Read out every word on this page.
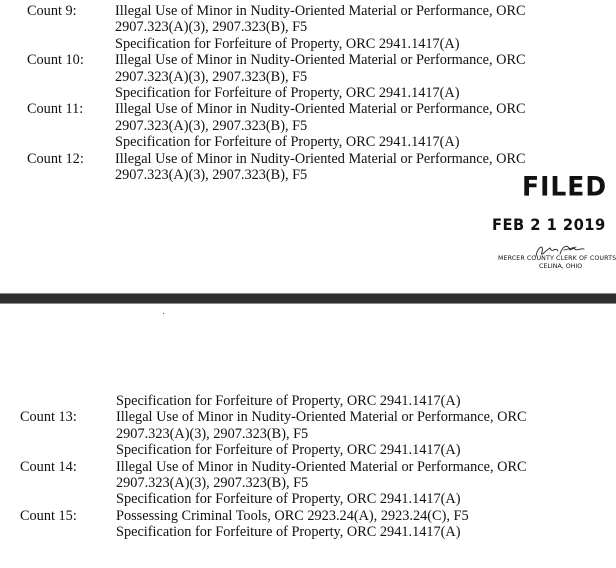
Count 9:	Illegal Use of Minor in Nudity-Oriented Material or Performance, ORC
2907.323(A)(3), 2907.323(B), F5
Specification for Forfeiture of Property, ORC 2941.1417(A)
Count 10: Illegal Use of Minor in Nudity-Oriented Material or Performance, ORC
2907.323(A)(3), 2907.323(B), F5
Specification for Forfeiture of Property, ORC 2941.1417(A)
Count 11: Illegal Use of Minor in Nudity-Oriented Material or Performance, ORC
2907.323(A)(3), 2907.323(B), F5
Specification for Forfeiture of Property, ORC 2941.1417(A)
Count 12: Illegal Use of Minor in Nudity-Oriented Material or Performance, ORC
2907.323(A)(3), 2907.323(B), F5	FILED
FEB 2 1 2019
MERCER COUNTY CLERK OF COURTS
CELINA, OHIO
Specification for Forfeiture of Property, ORC 2941.1417(A)
Count 13:	Illegal Use of Minor in Nudity-Oriented Material or Performance, ORC
2907.323(A)(3), 2907.323(B), F5
Specification for Forfeiture of Property, ORC 2941.1417(A)
Count 14:	Illegal Use of Minor in Nudity-Oriented Material or Performance, ORC
2907.323(A)(3), 2907.323(B), F5
Specification for Forfeiture of Property, ORC 2941.1417(A)
Count 15:	Possessing Criminal Tools, ORC 2923.24(A), 2923.24(C), F5
Specification for Forfeiture of Property, ORC 2941.1417(A)
